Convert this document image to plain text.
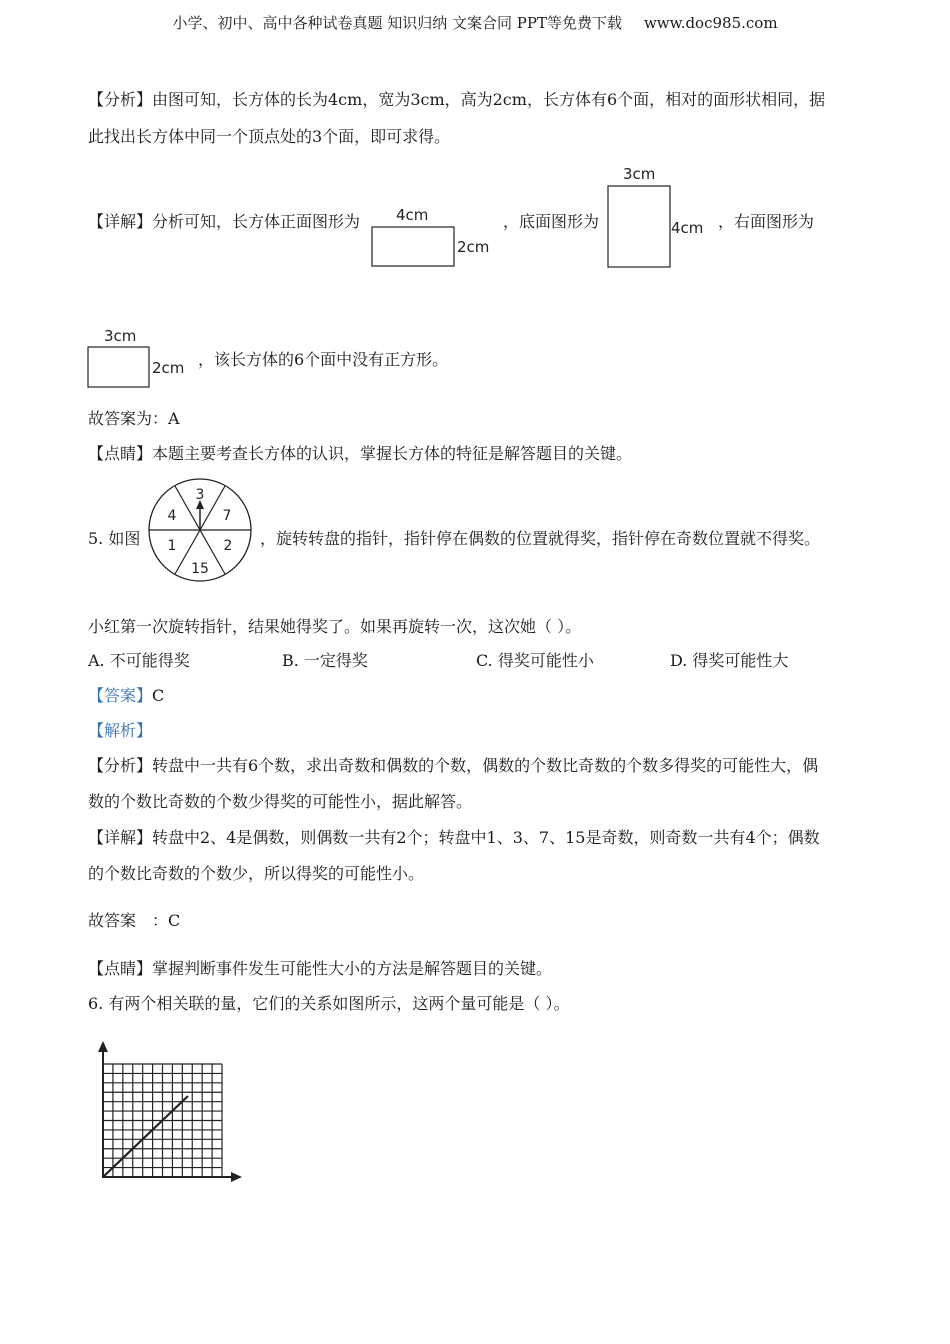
小学、初中、高中各种试卷真题 知识归纳 文案合同 PPT等免费下载 www.doc985.com
【分析】由图可知，长方体的长为4cm，宽为3cm，高为2cm，长方体有6个面，相对的面形状相同，据
此找出长方体中同一个顶点处的3个面，即可求得。
【详解】分析可知，长方体正面图形为 4cm
2cm
，底面图形为
3cm
4cm ，右面图形为
3cm
2cm ，该长方体的6个面中没有正方形。
故答案为：A
【点睛】本题主要考查长方体的认识，掌握长方体的特征是解答题目的关键。
5. 如图
3
7
2
15
1
4
，旋转转盘的指针，指针停在偶数的位置就得奖，指针停在奇数位置就不得奖。
小红第一次旋转指针，结果她得奖了。如果再旋转一次，这次她（ ）。
A. 不可能得奖	B. 一定得奖	C. 得奖可能性小	D. 得奖可能性大
【答案】C
【解析】
【分析】转盘中一共有6个数，求出奇数和偶数的个数，偶数的个数比奇数的个数多得奖的可能性大，偶
数的个数比奇数的个数少得奖的可能性小，据此解答。
【详解】转盘中2、4是偶数，则偶数一共有2个；转盘中1、3、7、15是奇数，则奇数一共有4个；偶数
的个数比奇数的个数少，所以得奖的可能性小。
故答案 ：C
【点睛】掌握判断事件发生可能性大小的方法是解答题目的关键。
6. 有两个相关联的量，它们的关系如图所示，这两个量可能是（ ）。
